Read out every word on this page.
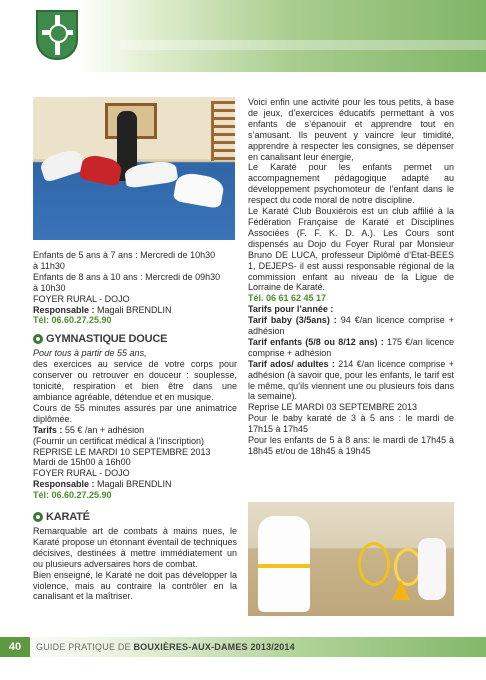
Enfants de 5 ans à 7 ans : Mercredi de 10h30
à 11h30
Enfants de 8 ans à 10 ans : Mercredi de 09h30
à 10h30
FOYER RURAL - DOJO
Responsable : Magali BRENDLIN
Tél: 06.60.27.25.90
GYMNASTIQUE DOUCE
Pour tous à partir de 55 ans,

des exercices au service de votre corps pour conserver ou retrouver en douceur : souplesse, tonicité, respiration et bien être dans une ambiance agréable, détendue et en musique.

Cours de 55 minutes assurés par une animatrice diplômée.

Tarifs : 55 € /an + adhésion
(Fournir un certificat médical à l’inscription)
REPRISE LE MARDI 10 SEPTEMBRE 2013
Mardi de 15h00 à 16h00
FOYER RURAL - DOJO
Responsable : Magali BRENDLIN
Tél: 06.60.27.25.90
KARATÉ

Remarquable art de combats à mains nues, le Karaté propose un étonnant éventail de techniques décisives, destinées à mettre immédiatement un ou plusieurs adversaires hors de combat.

Bien enseigné, le Karaté ne doit pas développer la violence, mais au contraire la contrôler en la canalisant et la maîtriser.

Voici enfin une activité pour les tous petits, à base de jeux, d’exercices éducatifs permettant à vos enfants de s’épanouir et apprendre tout en s’amusant. Ils peuvent y vaincre leur timidité, apprendre à respecter les consignes, se dépenser en canalisant leur énergie,

Le Karaté pour les enfants permet un accompagnement pédagogique adapté au développement psychomoteur de l’enfant dans le respect du code moral de notre discipline.

Le Karaté Club Bouxiérois est un club affilié à la Fédération Française de Karaté et Disciplines Associées (F. F. K. D. A.). Les Cours sont dispensés au Dojo du Foyer Rural par Monsieur Bruno DE LUCA, professeur Diplômé d’Etat-BEES 1, DEJEPS- il est aussi responsable régional de la commission enfant au niveau de la Ligue de Lorraine de Karaté.

Tél. 06 61 62 45 17
Tarifs pour l’année :

Tarif baby (3/5ans) : 94 €/an licence comprise + adhésion

Tarif enfants (5/8 ou 8/12 ans) : 175 €/an licence comprise + adhésion

Tarif ados/ adultes : 214 €/an licence comprise + adhésion (à savoir que, pour les enfants, le tarif est le même, qu’ils viennent une ou plusieurs fois dans la semaine).

Reprise LE MARDI 03 SEPTEMBRE 2013

Pour le baby karaté de 3 à 5 ans : le mardi de 17h15 à 17h45

Pour les enfants de 5 à 8 ans: le mardi de 17h45 à 18h45 et/ou de 18h45 à 19h45

40	GUIDE PRATIQUE DE BOUXIÈRES-AUX-DAMES 2013/2014
